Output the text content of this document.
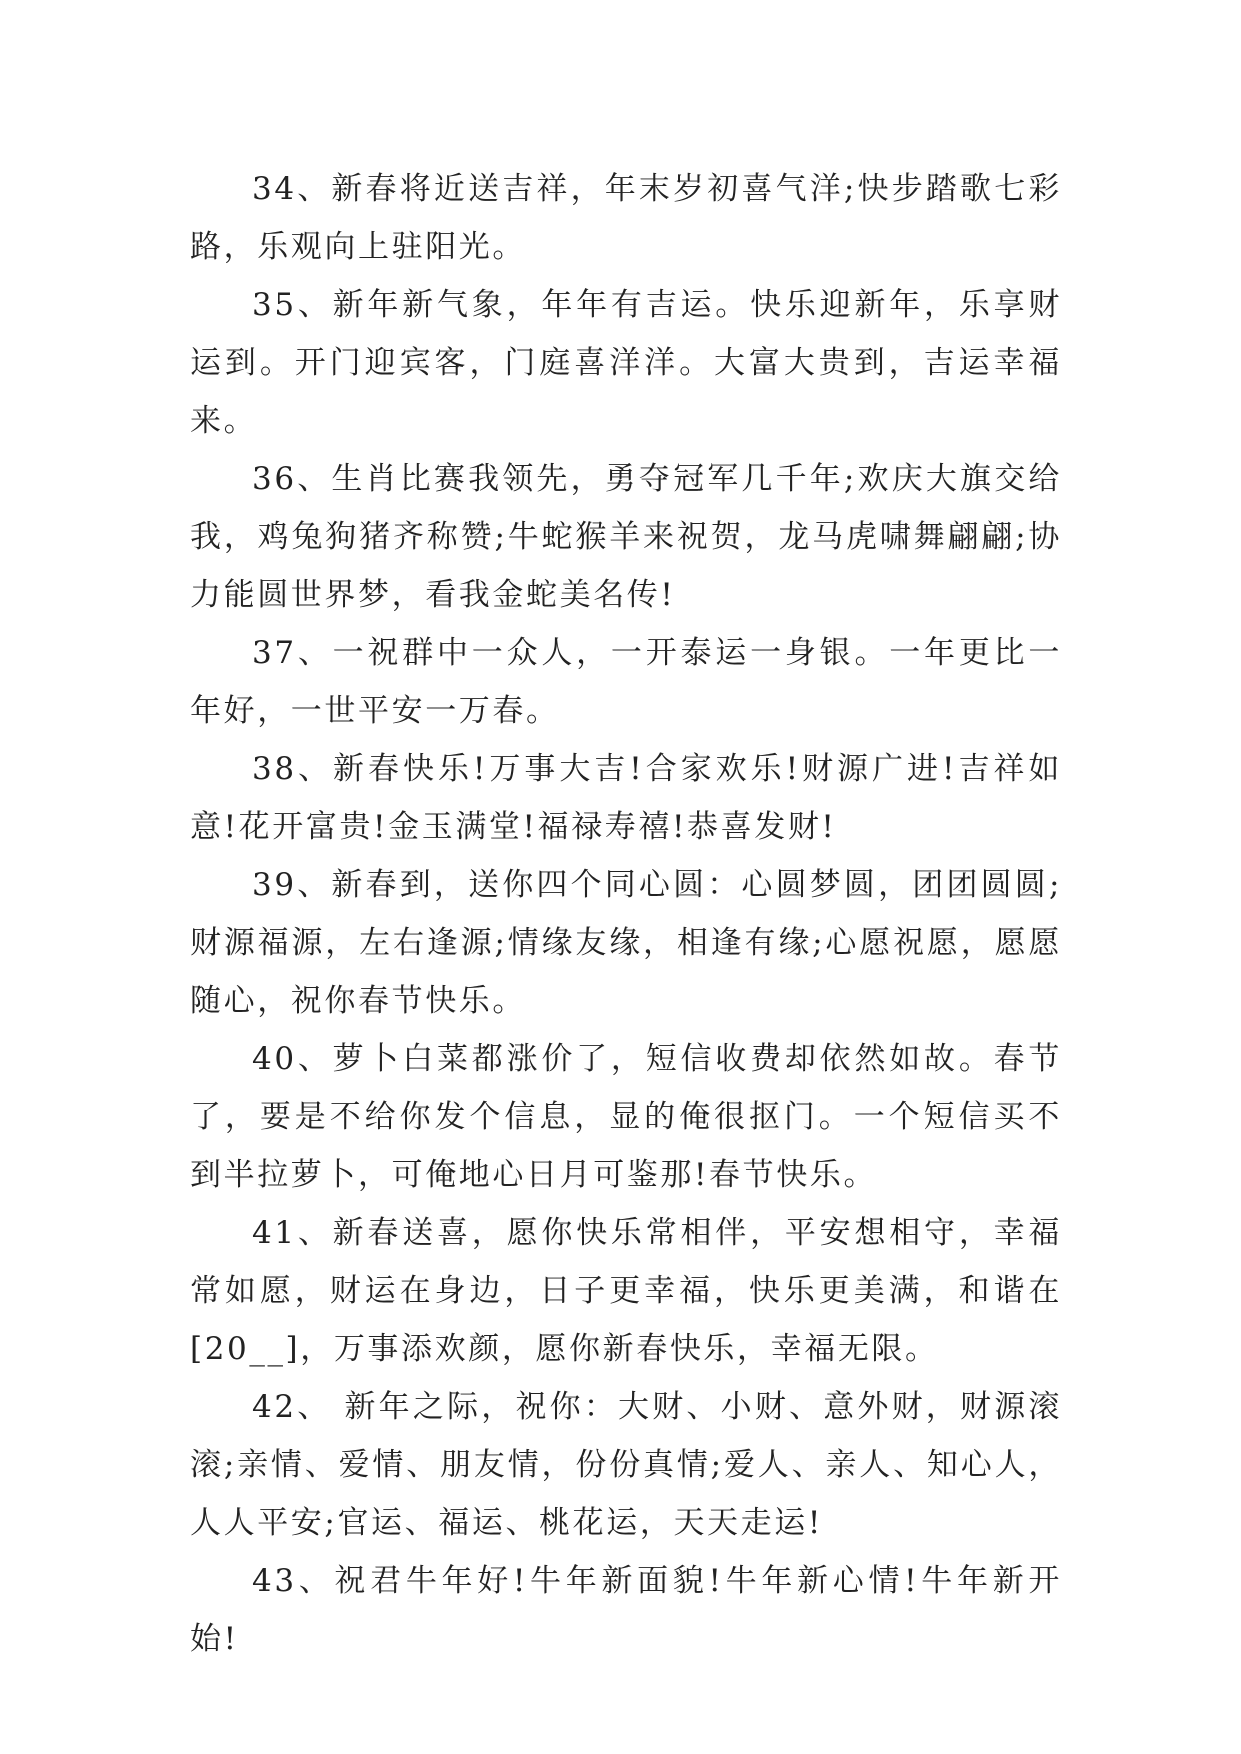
34、新春将近送吉祥，年末岁初喜气洋;快步踏歌七彩路，乐观向上驻阳光。

35、新年新气象，年年有吉运。快乐迎新年，乐享财运到。开门迎宾客，门庭喜洋洋。大富大贵到，吉运幸福来。

36、生肖比赛我领先，勇夺冠军几千年;欢庆大旗交给我，鸡兔狗猪齐称赞;牛蛇猴羊来祝贺，龙马虎啸舞翩翩;协力能圆世界梦，看我金蛇美名传!

37、一祝群中一众人，一开泰运一身银。一年更比一年好，一世平安一万春。

38、新春快乐!万事大吉!合家欢乐!财源广进!吉祥如意!花开富贵!金玉满堂!福禄寿禧!恭喜发财!

39、新春到，送你四个同心圆：心圆梦圆，团团圆圆;财源福源，左右逢源;情缘友缘，相逢有缘;心愿祝愿，愿愿随心，祝你春节快乐。

40、萝卜白菜都涨价了，短信收费却依然如故。春节了，要是不给你发个信息，显的俺很抠门。一个短信买不到半拉萝卜，可俺地心日月可鉴那!春节快乐。

41、新春送喜，愿你快乐常相伴，平安想相守，幸福常如愿，财运在身边，日子更幸福，快乐更美满，和谐在[20__]，万事添欢颜，愿你新春快乐，幸福无限。

42、 新年之际，祝你：大财、小财、意外财，财源滚滚;亲情、爱情、朋友情，份份真情;爱人、亲人、知心人，人人平安;官运、福运、桃花运，天天走运!

43、祝君牛年好!牛年新面貌!牛年新心情!牛年新开始!
